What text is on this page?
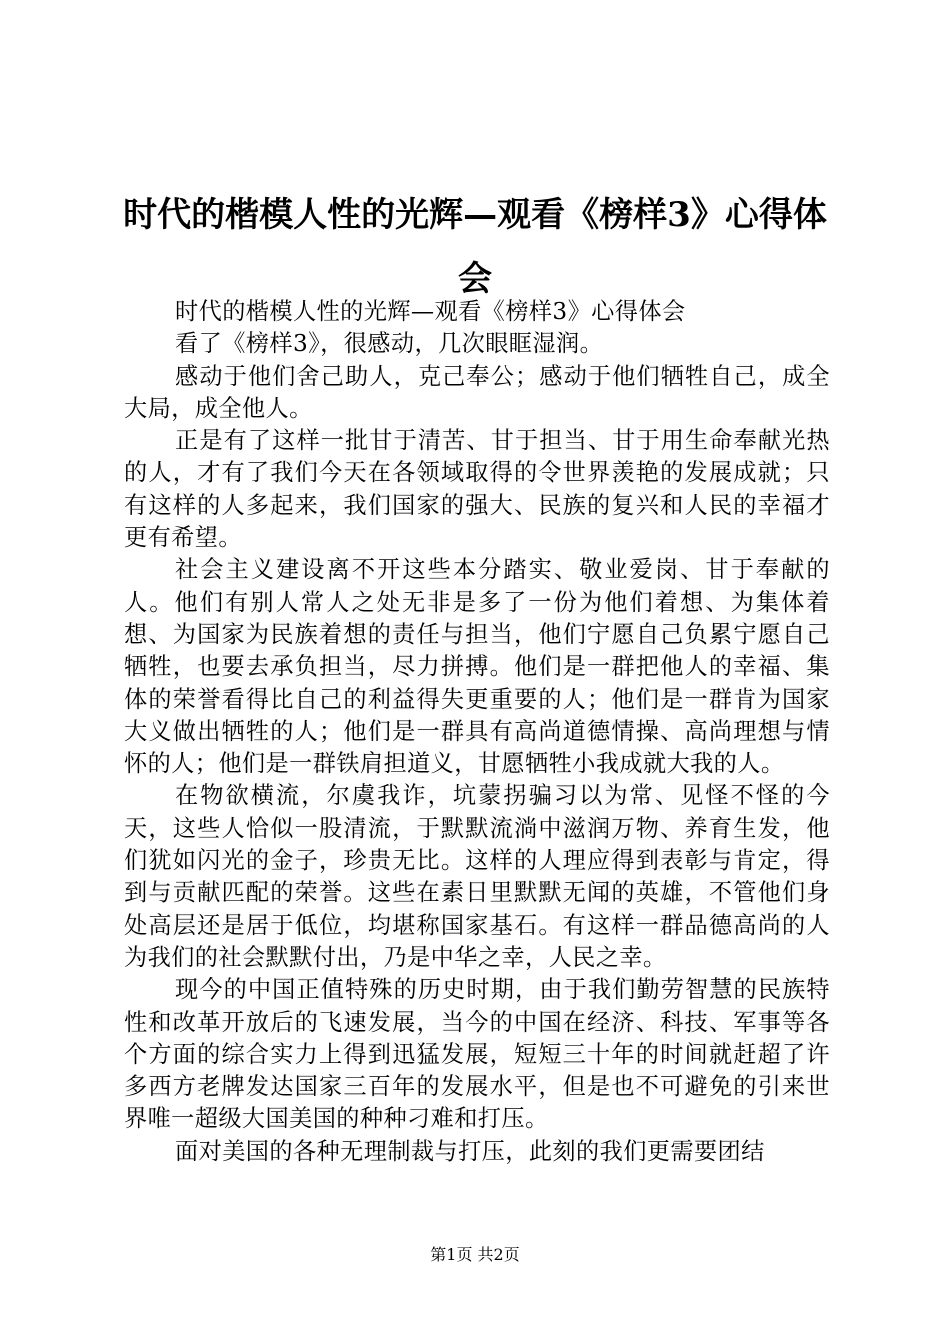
时代的楷模人性的光辉—观看《榜样3》心得体会

时代的楷模人性的光辉—观看《榜样3》心得体会

看了《榜样3》，很感动，几次眼眶湿润。

感动于他们舍己助人，克己奉公；感动于他们牺牲自己，成全大局，成全他人。

正是有了这样一批甘于清苦、甘于担当、甘于用生命奉献光热的人，才有了我们今天在各领域取得的令世界羡艳的发展成就；只有这样的人多起来，我们国家的强大、民族的复兴和人民的幸福才更有希望。

社会主义建设离不开这些本分踏实、敬业爱岗、甘于奉献的人。他们有别人常人之处无非是多了一份为他们着想、为集体着想、为国家为民族着想的责任与担当，他们宁愿自己负累宁愿自己牺牲，也要去承负担当，尽力拼搏。他们是一群把他人的幸福、集体的荣誉看得比自己的利益得失更重要的人；他们是一群肯为国家大义做出牺牲的人；他们是一群具有高尚道德情操、高尚理想与情怀的人；他们是一群铁肩担道义，甘愿牺牲小我成就大我的人。

在物欲横流，尔虞我诈，坑蒙拐骗习以为常、见怪不怪的今天，这些人恰似一股清流，于默默流淌中滋润万物、养育生发，他们犹如闪光的金子，珍贵无比。这样的人理应得到表彰与肯定，得到与贡献匹配的荣誉。这些在素日里默默无闻的英雄，不管他们身处高层还是居于低位，均堪称国家基石。有这样一群品德高尚的人为我们的社会默默付出，乃是中华之幸，人民之幸。

现今的中国正值特殊的历史时期，由于我们勤劳智慧的民族特性和改革开放后的飞速发展，当今的中国在经济、科技、军事等各个方面的综合实力上得到迅猛发展，短短三十年的时间就赶超了许多西方老牌发达国家三百年的发展水平，但是也不可避免的引来世界唯一超级大国美国的种种刁难和打压。

面对美国的各种无理制裁与打压，此刻的我们更需要团结

第1页 共2页
